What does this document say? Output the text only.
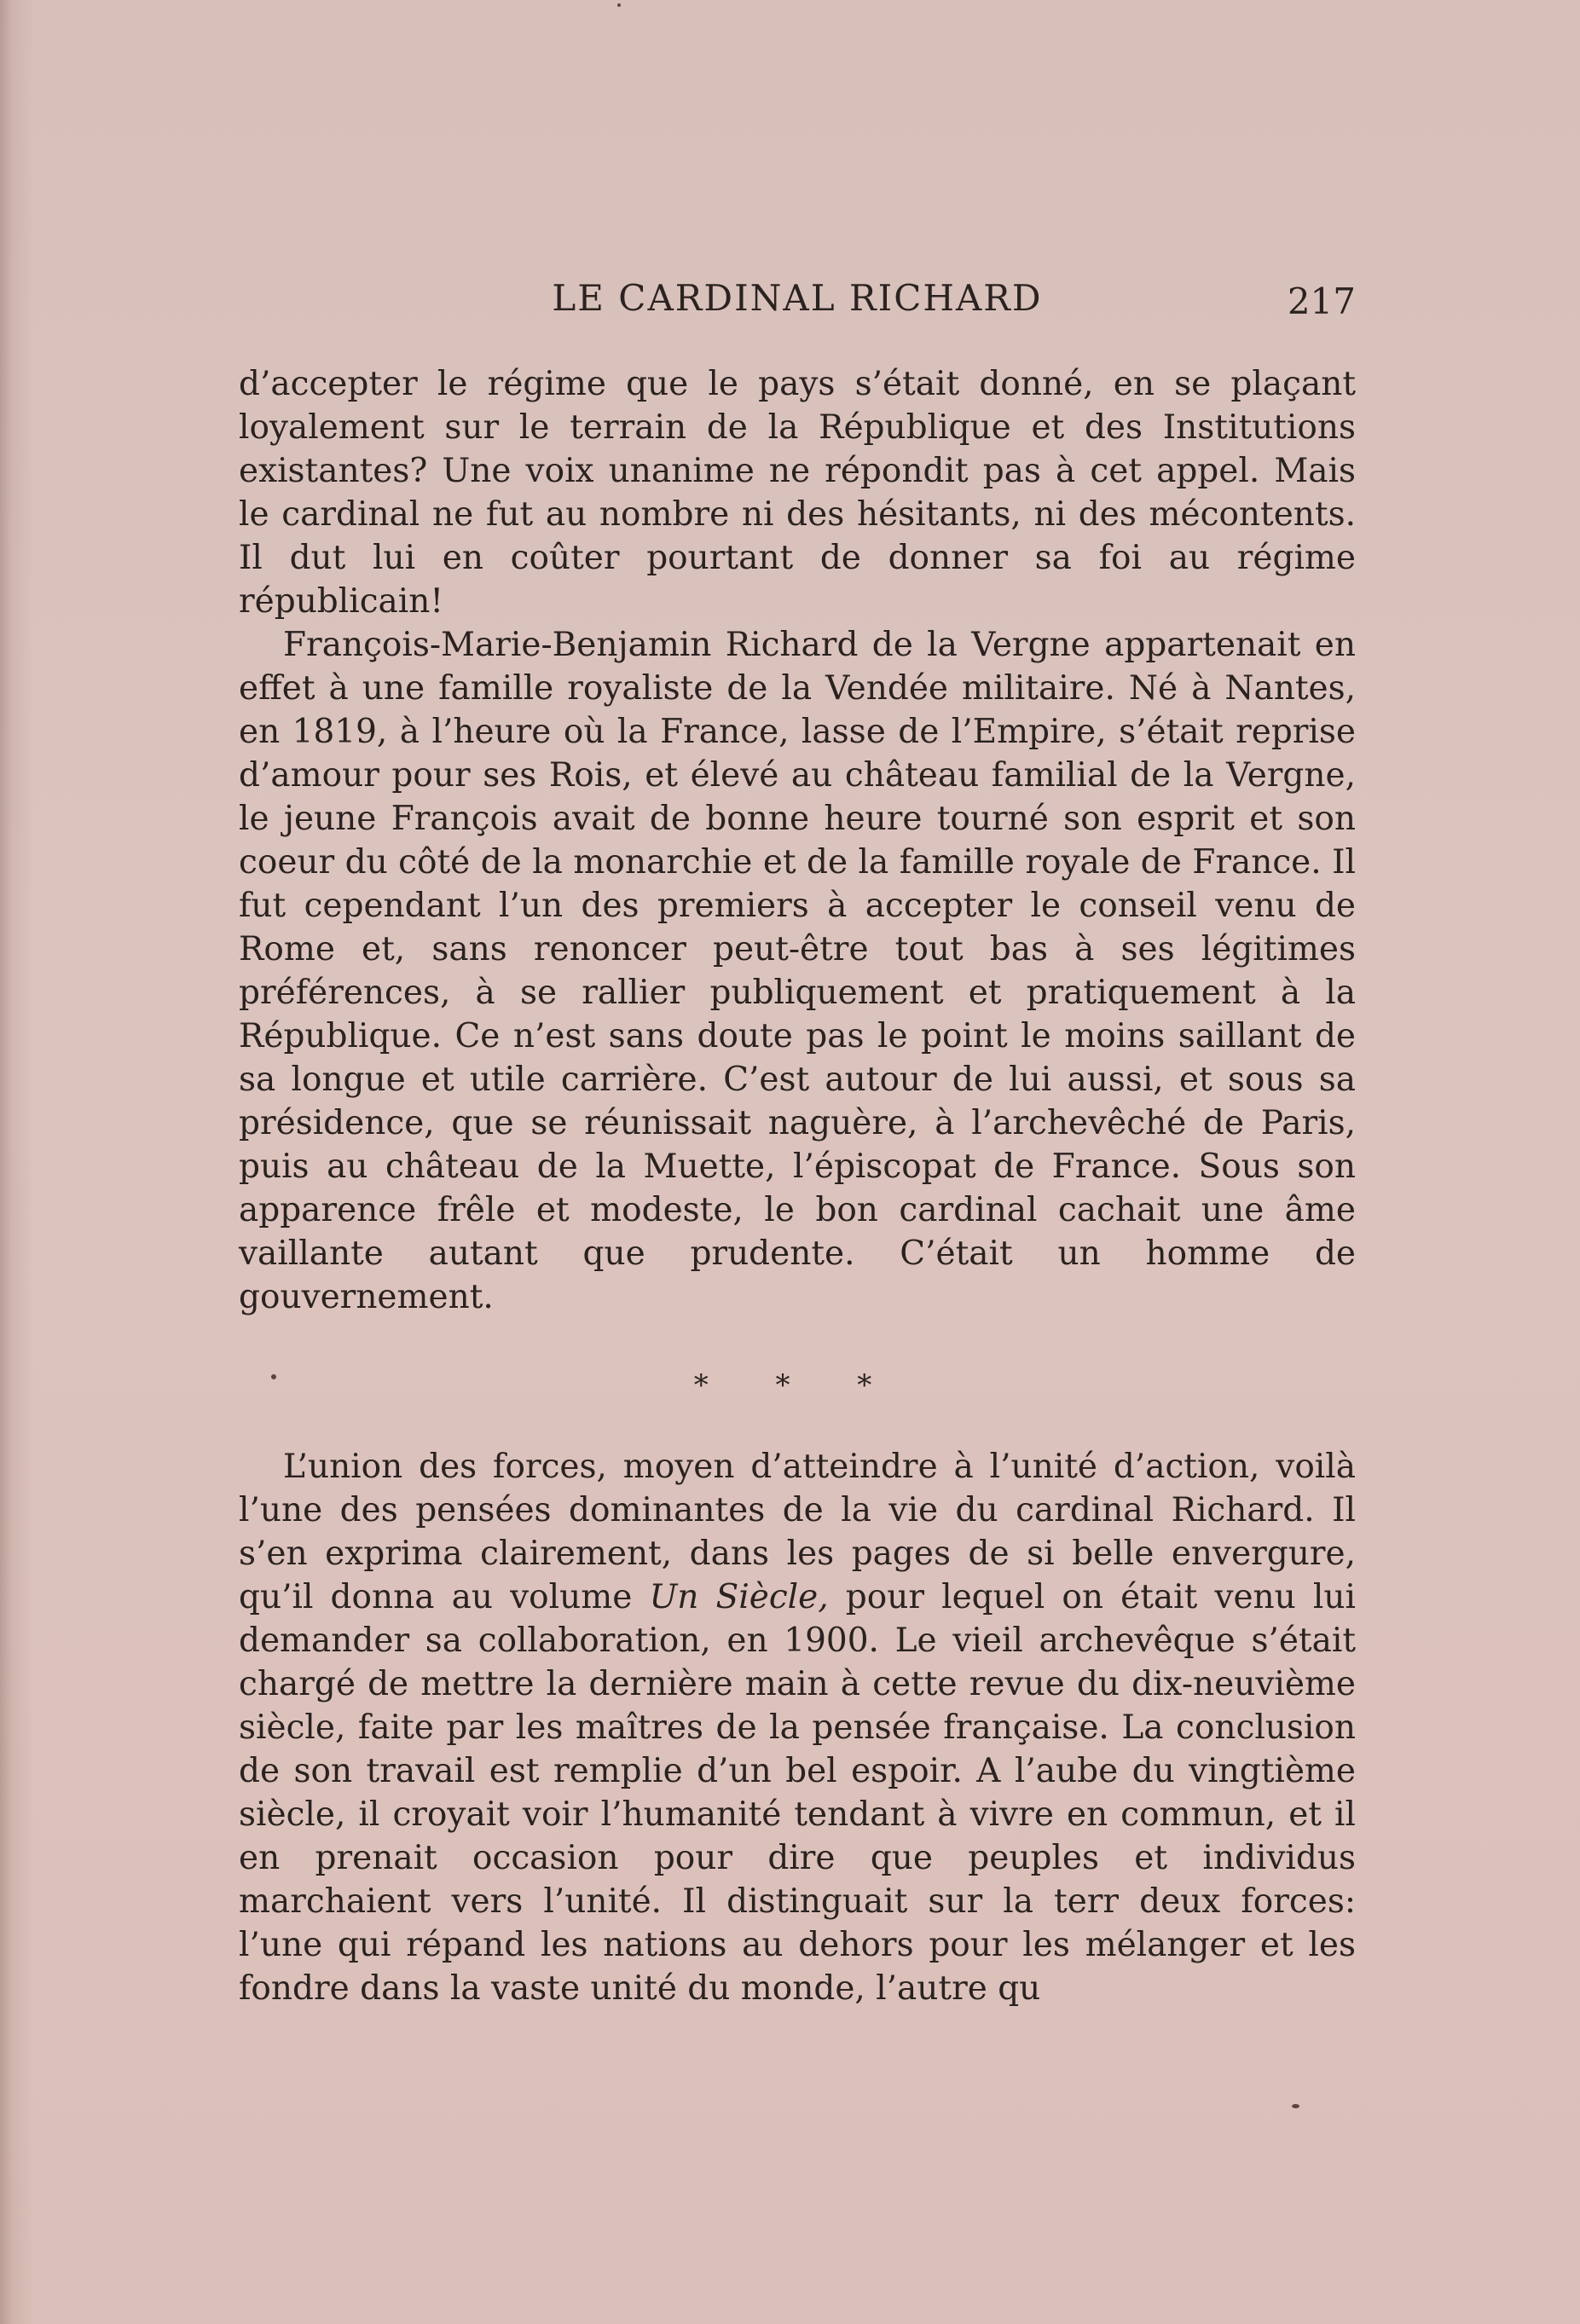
LE CARDINAL RICHARD	217

d’accepter le régime que le pays s’était donné, en se plaçant loyalement sur le terrain de la République et des Institutions existantes? Une voix unanime ne répondit pas à cet appel. Mais le cardinal ne fut au nombre ni des hésitants, ni des mécontents. Il dut lui en coûter pourtant de donner sa foi au régime républicain!

François-Marie-Benjamin Richard de la Vergne appartenait en effet à une famille royaliste de la Vendée militaire. Né à Nantes, en 1819, à l’heure où la France, lasse de l’Empire, s’était reprise d’amour pour ses Rois, et élevé au château familial de la Vergne, le jeune François avait de bonne heure tourné son esprit et son coeur du côté de la monarchie et de la famille royale de France. Il fut cependant l’un des premiers à accepter le conseil venu de Rome et, sans renoncer peut-être tout bas à ses légitimes préférences, à se rallier publiquement et pratiquement à la République. Ce n’est sans doute pas le point le moins saillant de sa longue et utile carrière. C’est autour de lui aussi, et sous sa présidence, que se réunissait naguère, à l’archevêché de Paris, puis au château de la Muette, l’épiscopat de France. Sous son apparence frêle et modeste, le bon cardinal cachait une âme vaillante autant que prudente. C’était un homme de gouvernement.

* * *

L’union des forces, moyen d’atteindre à l’unité d’action, voilà l’une des pensées dominantes de la vie du cardinal Richard. Il s’en exprima clairement, dans les pages de si belle envergure, qu’il donna au volume Un Siècle, pour lequel on était venu lui demander sa collaboration, en 1900. Le vieil archevêque s’était chargé de mettre la dernière main à cette revue du dix-neuvième siècle, faite par les maîtres de la pensée française. La conclusion de son travail est remplie d’un bel espoir. A l’aube du vingtième siècle, il croyait voir l’humanité tendant à vivre en commun, et il en prenait occasion pour dire que peuples et individus marchaient vers l’unité. Il distinguait sur la terr deux forces: l’une qui répand les nations au dehors pour les mélanger et les fondre dans la vaste unité du monde, l’autre qu
